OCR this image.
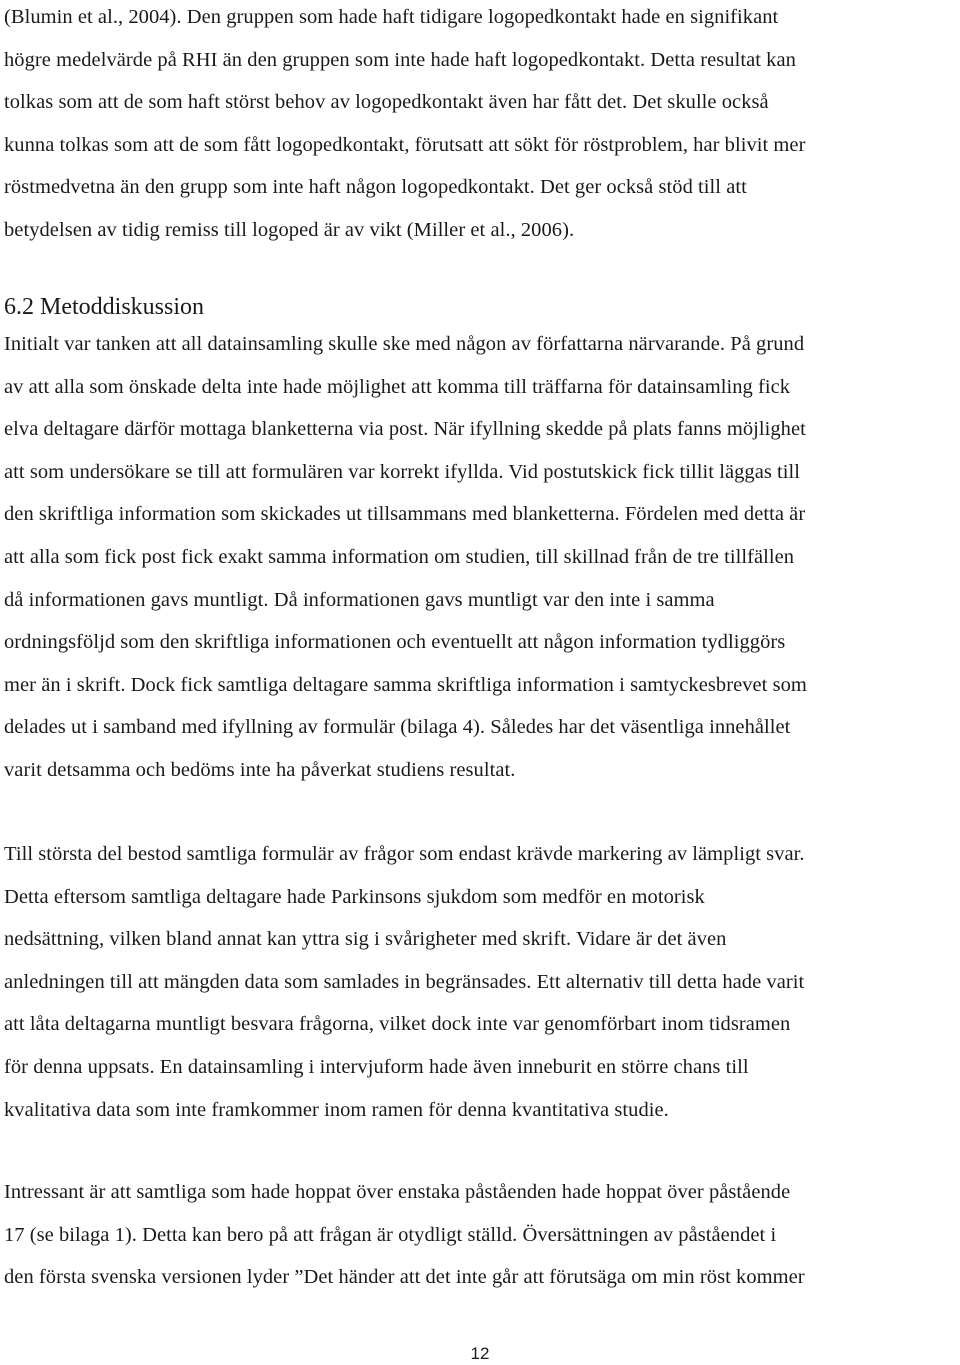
(Blumin et al., 2004). Den gruppen som hade haft tidigare logopedkontakt hade en signifikant
högre medelvärde på RHI än den gruppen som inte hade haft logopedkontakt. Detta resultat kan
tolkas som att de som haft störst behov av logopedkontakt även har fått det. Det skulle också
kunna tolkas som att de som fått logopedkontakt, förutsatt att sökt för röstproblem, har blivit mer
röstmedvetna än den grupp som inte haft någon logopedkontakt. Det ger också stöd till att
betydelsen av tidig remiss till logoped är av vikt (Miller et al., 2006).
6.2 Metoddiskussion
Initialt var tanken att all datainsamling skulle ske med någon av författarna närvarande. På grund
av att alla som önskade delta inte hade möjlighet att komma till träffarna för datainsamling fick
elva deltagare därför mottaga blanketterna via post. När ifyllning skedde på plats fanns möjlighet
att som undersökare se till att formulären var korrekt ifyllda. Vid postutskick fick tillit läggas till
den skriftliga information som skickades ut tillsammans med blanketterna. Fördelen med detta är
att alla som fick post fick exakt samma information om studien, till skillnad från de tre tillfällen
då informationen gavs muntligt. Då informationen gavs muntligt var den inte i samma
ordningsföljd som den skriftliga informationen och eventuellt att någon information tydliggörs
mer än i skrift. Dock fick samtliga deltagare samma skriftliga information i samtyckesbrevet som
delades ut i samband med ifyllning av formulär (bilaga 4). Således har det väsentliga innehållet
varit detsamma och bedöms inte ha påverkat studiens resultat.
Till största del bestod samtliga formulär av frågor som endast krävde markering av lämpligt svar.
Detta eftersom samtliga deltagare hade Parkinsons sjukdom som medför en motorisk
nedsättning, vilken bland annat kan yttra sig i svårigheter med skrift. Vidare är det även
anledningen till att mängden data som samlades in begränsades. Ett alternativ till detta hade varit
att låta deltagarna muntligt besvara frågorna, vilket dock inte var genomförbart inom tidsramen
för denna uppsats. En datainsamling i intervjuform hade även inneburit en större chans till
kvalitativa data som inte framkommer inom ramen för denna kvantitativa studie.
Intressant är att samtliga som hade hoppat över enstaka påståenden hade hoppat över påstående
17 (se bilaga 1). Detta kan bero på att frågan är otydligt ställd. Översättningen av påståendet i
den första svenska versionen lyder ”Det händer att det inte går att förutsäga om min röst kommer
12
